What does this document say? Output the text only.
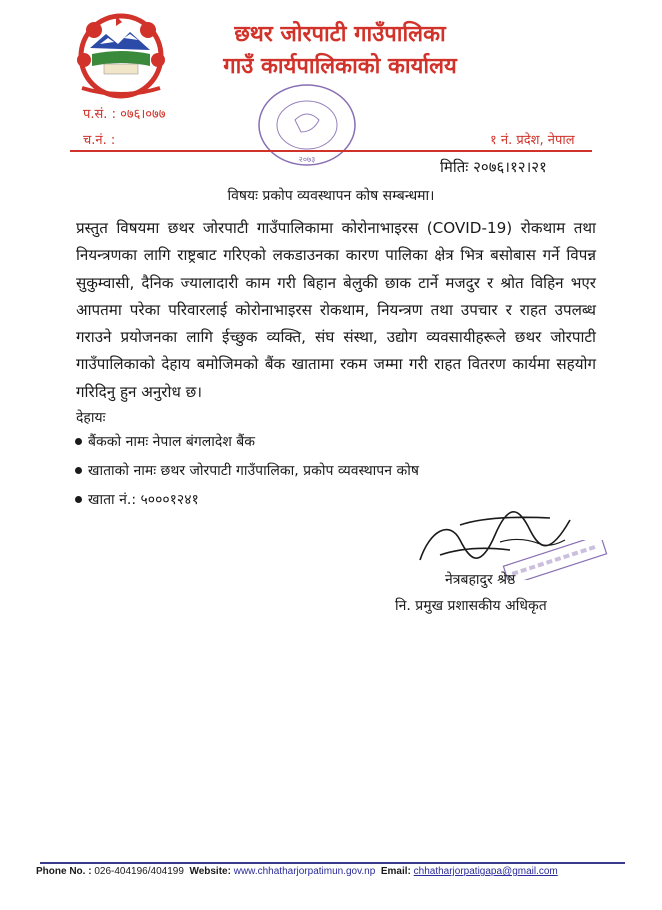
छथर जोरपाटी गाउँपालिका
गाउँ कार्यपालिकाको कार्यालय
२०७३
प.सं. : ०७६।०७७
च.नं. :	१ नं. प्रदेश, नेपाल
मितिः २०७६।१२।२१
विषयः प्रकोप व्यवस्थापन कोष सम्बन्धमा।
प्रस्तुत विषयमा छथर जोरपाटी गाउँपालिकामा कोरोनाभाइरस (COVID-19) रोकथाम तथा नियन्त्रणका लागि राष्ट्रबाट गरिएको लकडाउनका कारण पालिका क्षेत्र भित्र बसोबास गर्ने विपन्न सुकुम्वासी, दैनिक ज्यालादारी काम गरी बिहान बेलुकी छाक टार्ने मजदुर र श्रोत विहिन भएर आपतमा परेका परिवारलाई कोरोनाभाइरस रोकथाम, नियन्त्रण तथा उपचार र राहत उपलब्ध गराउने प्रयोजनका लागि ईच्छुक व्यक्ति, संघ संस्था, उद्योग व्यवसायीहरूले छथर जोरपाटी गाउँपालिकाको देहाय बमोजिमको बैंक खातामा रकम जम्मा गरी राहत वितरण कार्यमा सहयोग गरिदिनु हुन अनुरोध छ।
देहायः
बैंकको नामः नेपाल बंगलादेश बैंक
खाताको नामः छथर जोरपाटी गाउँपालिका, प्रकोप व्यवस्थापन कोष
खाता नं.: ५०००१२४१
नेत्रबहादुर श्रेष्ठ
नि. प्रमुख प्रशासकीय अधिकृत
Phone No. : 026-404196/404199 Website: www.chhatharjorpatimun.gov.np Email: chhatharjorpatigapa@gmail.com
